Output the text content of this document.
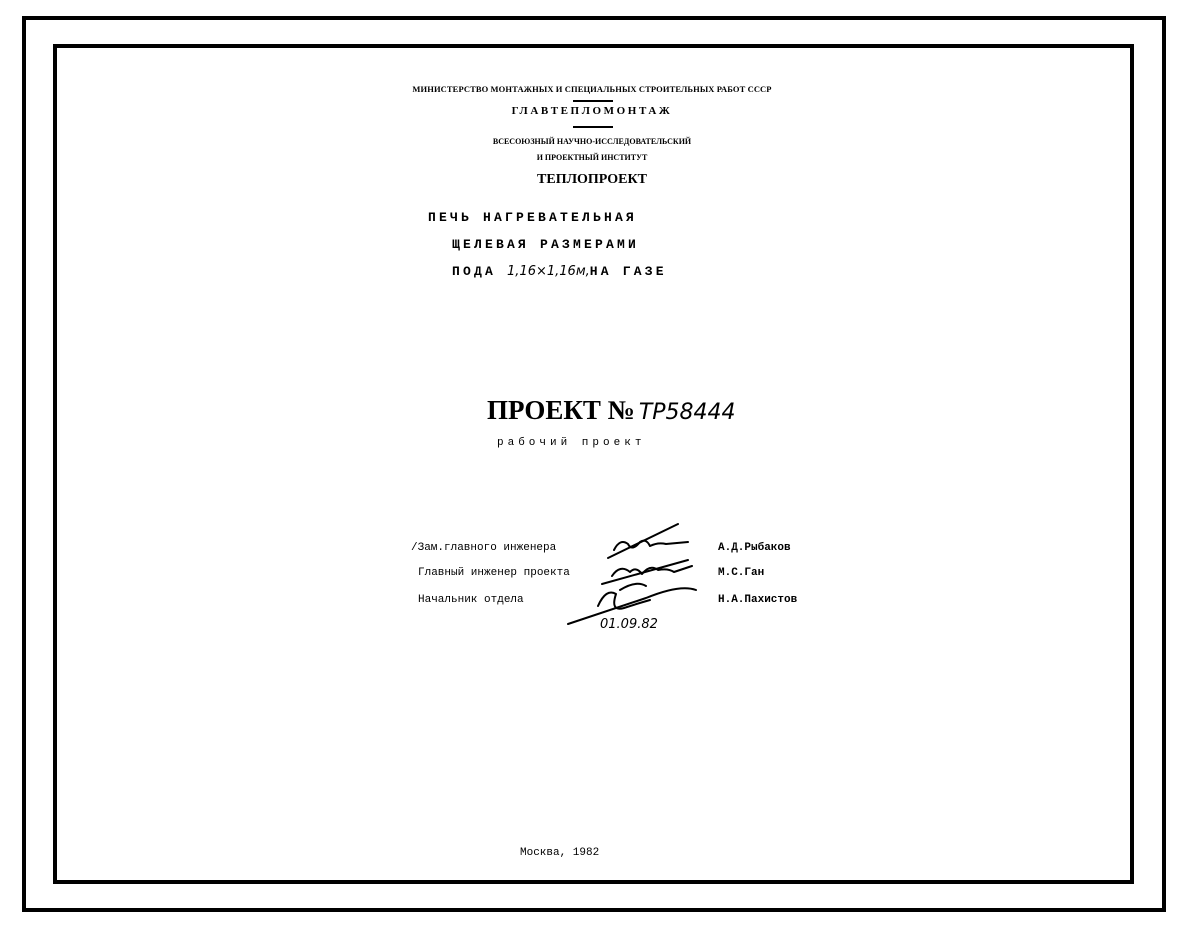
МИНИСТЕРСТВО МОНТАЖНЫХ И СПЕЦИАЛЬНЫХ СТРОИТЕЛЬНЫХ РАБОТ СССР
ГЛАВТЕПЛОМОНТАЖ
ВСЕСОЮЗНЫЙ НАУЧНО-ИССЛЕДОВАТЕЛЬСКИЙ
И ПРОЕКТНЫЙ ИНСТИТУТ
ТЕПЛОПРОЕКТ
ПЕЧЬ НАГРЕВАТЕЛЬНАЯ
ЩЕЛЕВАЯ РАЗМЕРАМИ
ПОДА 1,16×1,16м,НА ГАЗЕ
ПРОЕКТ № ТР58444
рабочий проект
/Зам.главного инженера
Главный инженер проекта
Начальник отдела
А.Д.Рыбаков
М.С.Ган
Н.А.Пахистов
01.09.82
Москва, 1982
